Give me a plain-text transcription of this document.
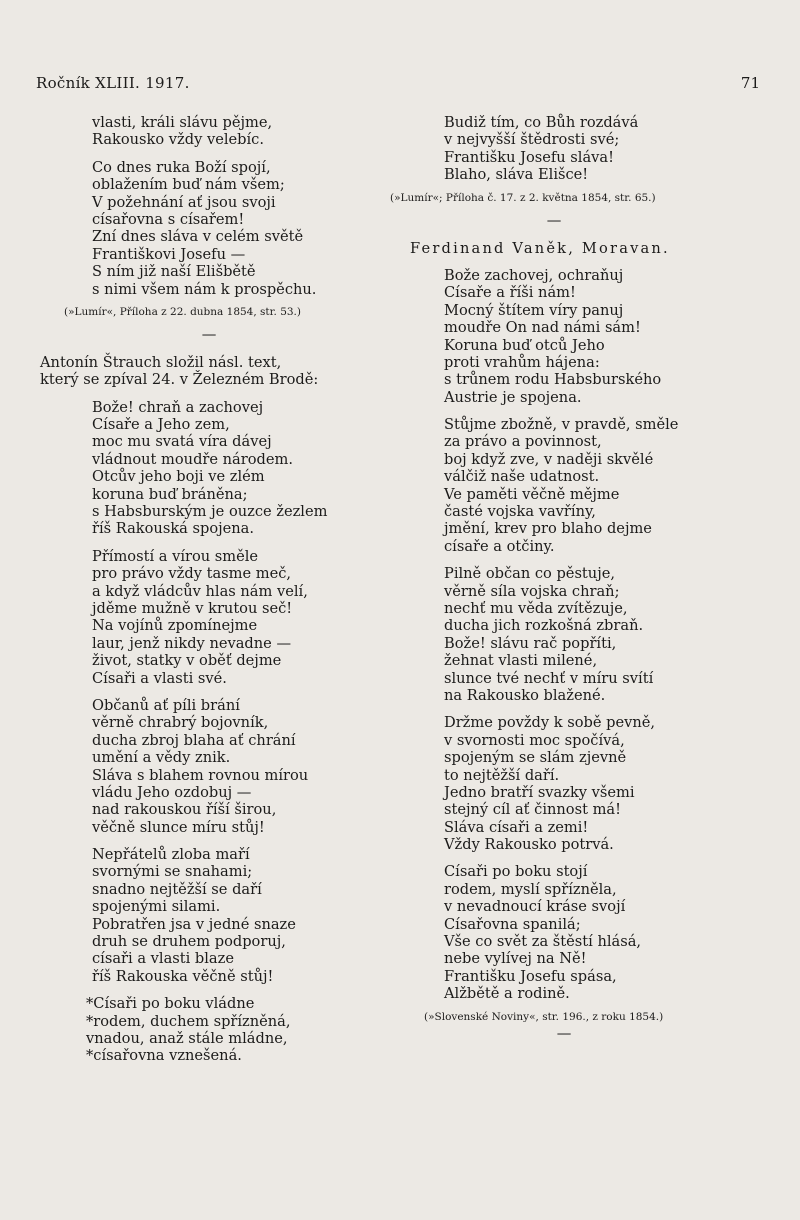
Ročník XLIII. 1917.	71
vlasti, králi slávu pějme,
Rakousko vždy velebíc.
Co dnes ruka Boží spojí,
oblažením buď nám všem;
V požehnání ať jsou svoji
císařovna s císařem!
Zní dnes sláva v celém světě
Františkovi Josefu —
S ním již naší Elišbětě
s nimi všem nám k prospěchu.
(»Lumír«, Příloha z 22. dubna 1854, str. 53.)
—
Antonín Štrauch složil násl. text,
který se zpíval 24. v Železném Brodě:
Bože! chraň a zachovej
Císaře a Jeho zem,
moc mu svatá víra dávej
vládnout moudře národem.
Otcův jeho boji ve zlém
koruna buď bráněna;
s Habsburským je ouzce žezlem
říš Rakouská spojena.
Přímostí a vírou směle
pro právo vždy tasme meč,
a když vládcův hlas nám velí,
jděme mužně v krutou seč!
Na vojínů zpomínejme
laur, jenž nikdy nevadne —
život, statky v oběť dejme
Císaři a vlasti své.
Občanů ať píli brání
věrně chrabrý bojovník,
ducha zbroj blaha ať chrání
umění a vědy znik.
Sláva s blahem rovnou mírou
vládu Jeho ozdobuj —
nad rakouskou říší širou,
věčně slunce míru stůj!
Nepřátelů zloba maří
svornými se snahami;
snadno nejtěžší se daří
spojenými silami.
Pobratřen jsa v jedné snaze
druh se druhem podporuj,
císaři a vlasti blaze
říš Rakouska věčně stůj!
*Císaři po boku vládne
*rodem, duchem spřízněná,
vnadou, anaž stále mládne,
*císařovna vznešená.
Budiž tím, co Bůh rozdává
v nejvyšší štědrosti své;
Františku Josefu sláva!
Blaho, sláva Elišce!
(»Lumír«; Příloha č. 17. z 2. května 1854, str. 65.)
—
Ferdinand Vaněk, Moravan.
Bože zachovej, ochraňuj
Císaře a říši nám!
Mocný štítem víry panuj
moudře On nad námi sám!
Koruna buď otců Jeho
proti vrahům hájena:
s trůnem rodu Habsburského
Austrie je spojena.
Stůjme zbožně, v pravdě, směle
za právo a povinnost,
boj když zve, v naději skvělé
válčiž naše udatnost.
Ve paměti věčně mějme
časté vojska vavříny,
jmění, krev pro blaho dejme
císaře a otčiny.
Pilně občan co pěstuje,
věrně síla vojska chraň;
nechť mu věda zvítězuje,
ducha jich rozkošná zbraň.
Bože! slávu rač popříti,
žehnat vlasti milené,
slunce tvé nechť v míru svítí
na Rakousko blažené.
Držme povždy k sobě pevně,
v svornosti moc spočívá,
spojeným se slám zjevně
to nejtěžší daří.
Jedno bratří svazky všemi
stejný cíl ať činnost má!
Sláva císaři a zemi!
Vždy Rakousko potrvá.
Císaři po boku stojí
rodem, myslí spřízněla,
v nevadnoucí kráse svojí
Císařovna spanilá;
Vše co svět za štěstí hlásá,
nebe vylívej na Ně!
Františku Josefu spása,
Alžbětě a rodině.
(»Slovenské Noviny«, str. 196., z roku 1854.)
—
